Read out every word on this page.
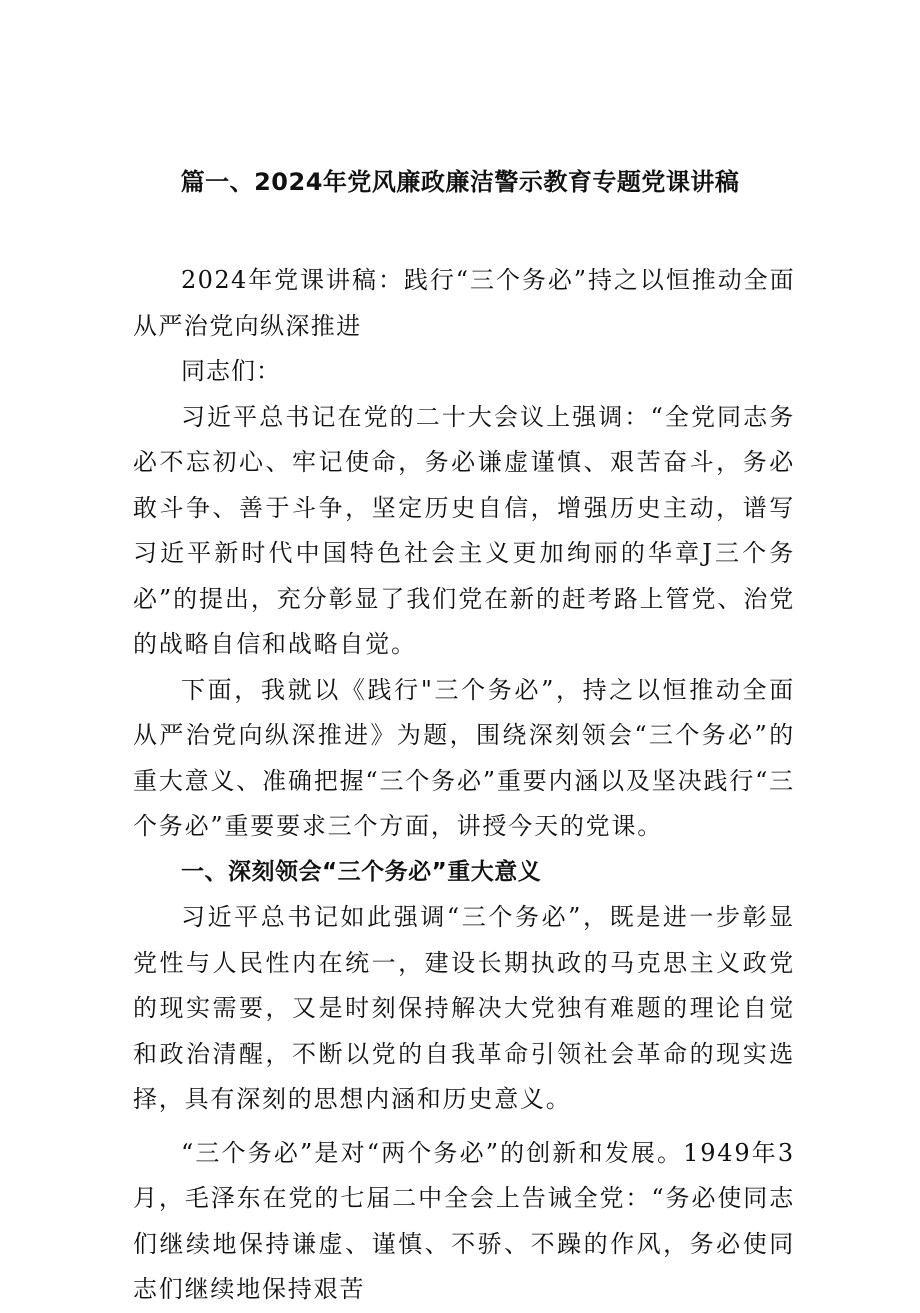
篇一、2024年党风廉政廉洁警示教育专题党课讲稿

2024年党课讲稿：践行“三个务必”持之以恒推动全面从严治党向纵深推进

同志们：

习近平总书记在党的二十大会议上强调：“全党同志务必不忘初心、牢记使命，务必谦虚谨慎、艰苦奋斗，务必敢斗争、善于斗争，坚定历史自信，增强历史主动，谱写习近平新时代中国特色社会主义更加绚丽的华章J三个务必”的提出，充分彰显了我们党在新的赶考路上管党、治党的战略自信和战略自觉。

下面，我就以《践行"三个务必”，持之以恒推动全面从严治党向纵深推进》为题，围绕深刻领会“三个务必”的重大意义、准确把握“三个务必”重要内涵以及坚决践行“三个务必”重要要求三个方面，讲授今天的党课。

一、深刻领会“三个务必”重大意义

习近平总书记如此强调“三个务必”，既是进一步彰显党性与人民性内在统一，建设长期执政的马克思主义政党的现实需要，又是时刻保持解决大党独有难题的理论自觉和政治清醒，不断以党的自我革命引领社会革命的现实选择，具有深刻的思想内涵和历史意义。

“三个务必”是对“两个务必”的创新和发展。1949年3月，毛泽东在党的七届二中全会上告诫全党：“务必使同志们继续地保持谦虚、谨慎、不骄、不躁的作风，务必使同志们继续地保持艰苦
